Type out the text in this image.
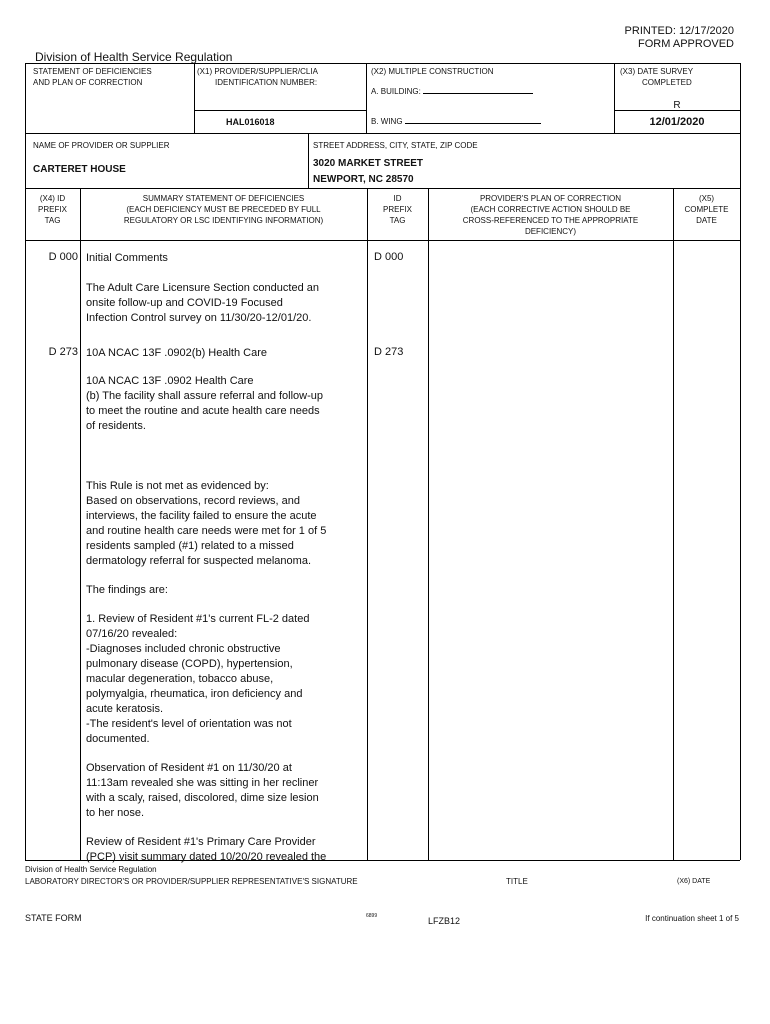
PRINTED: 12/17/2020
FORM APPROVED
Division of Health Service Regulation
STATEMENT OF DEFICIENCIES
AND PLAN OF CORRECTION
(X1) PROVIDER/SUPPLIER/CLIA
IDENTIFICATION NUMBER:
HAL016018
(X2) MULTIPLE CONSTRUCTION
A. BUILDING:
B. WING
(X3) DATE SURVEY
COMPLETED
R
12/01/2020
NAME OF PROVIDER OR SUPPLIER
CARTERET HOUSE
STREET ADDRESS, CITY, STATE, ZIP CODE
3020 MARKET STREET
NEWPORT, NC 28570
(X4) ID
PREFIX
TAG
SUMMARY STATEMENT OF DEFICIENCIES
(EACH DEFICIENCY MUST BE PRECEDED BY FULL
REGULATORY OR LSC IDENTIFYING INFORMATION)
ID
PREFIX
TAG
PROVIDER'S PLAN OF CORRECTION
(EACH CORRECTIVE ACTION SHOULD BE
CROSS-REFERENCED TO THE APPROPRIATE
DEFICIENCY)
(X5)
COMPLETE
DATE
D 000 Initial Comments	D 000

The Adult Care Licensure Section conducted an
onsite follow-up and COVID-19 Focused
Infection Control survey on 11/30/20-12/01/20.

D 273 10A NCAC 13F .0902(b) Health Care	D 273

10A NCAC 13F .0902 Health Care
(b) The facility shall assure referral and follow-up
to meet the routine and acute health care needs
of residents.

This Rule is not met as evidenced by:
Based on observations, record reviews, and
interviews, the facility failed to ensure the acute
and routine health care needs were met for 1 of 5
residents sampled (#1) related to a missed
dermatology referral for suspected melanoma.

The findings are:

1. Review of Resident #1's current FL-2 dated
07/16/20 revealed:
-Diagnoses included chronic obstructive
pulmonary disease (COPD), hypertension,
macular degeneration, tobacco abuse,
polymyalgia, rheumatica, iron deficiency and
acute keratosis.
-The resident's level of orientation was not
documented.

Observation of Resident #1 on 11/30/20 at
11:13am revealed she was sitting in her recliner
with a scaly, raised, discolored, dime size lesion
to her nose.

Review of Resident #1's Primary Care Provider
(PCP) visit summary dated 10/20/20 revealed the

Division of Health Service Regulation
LABORATORY DIRECTOR'S OR PROVIDER/SUPPLIER REPRESENTATIVE'S SIGNATURE	TITLE	(X6) DATE
STATE FORM	6899	LFZB12	If continuation sheet 1 of 5
